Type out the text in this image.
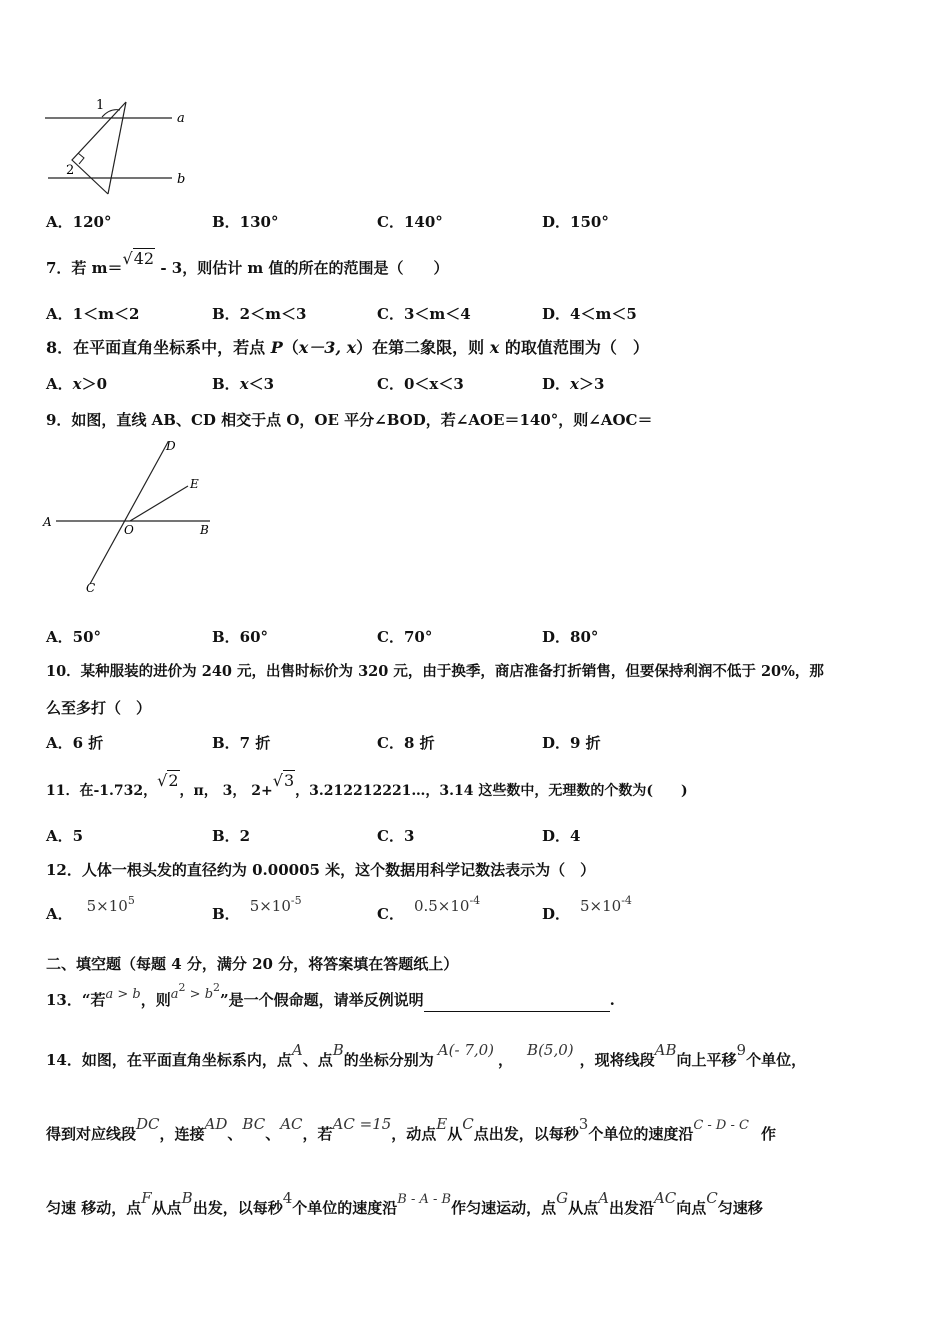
1
2
a
b
A．120°	B．130°	C．140°	D．150°
7．若 m＝√42 - 3，则估计 m 值的所在的范围是（　　）
A．1＜m＜2	B．2＜m＜3	C．3＜m＜4	D．4＜m＜5
8．在平面直角坐标系中，若点 P（x－3, x）在第二象限，则 x 的取值范围为（　）
A．x＞0	B．x＜3	C．0＜x＜3	D．x＞3
9．如图，直线 AB、CD 相交于点 O，OE 平分∠BOD，若∠AOE＝140°，则∠AOC＝
A
B
C
D
E
O
A．50°	B．60°	C．70°	D．80°
10．某种服装的进价为 240 元，出售时标价为 320 元，由于换季，商店准备打折销售，但要保持利润不低于 20%，那
么至多打（　）
A．6 折	B．7 折	C．8 折	D．9 折
11．在-1.732，√2，π， 3， 2+√3，3.212212221…，3.14 这些数中，无理数的个数为(　　)
A．5	B．2	C．3	D．4
12．人体一根头发的直径约为 0.00005 米，这个数据用科学记数法表示为（　）
A． $5\times 10^5$
B． $5\times 10^{-5}$
C． $0.5\times 10^{-4}$
D． $5\times 10^{-4}$
二、填空题（每题 4 分，满分 20 分，将答案填在答题纸上）
13．“若a > b，则$a^2 > b^2$”是一个假命题，请举反例说明	.
14．如图，在平面直角坐标系内，点A、点B的坐标分别为A(- 7,0)，B(5,0)，现将线段AB向上平移9个单位，
得到对应线段DC，连接AD、BC、AC，若AC =15，动点E从C点出发，以每秒3个单位的速度沿C - D - C 作
匀速 移动，点F从点B出发，以每秒4个单位的速度沿B - A - B作匀速运动，点G从点A出发沿AC向点C匀速移
